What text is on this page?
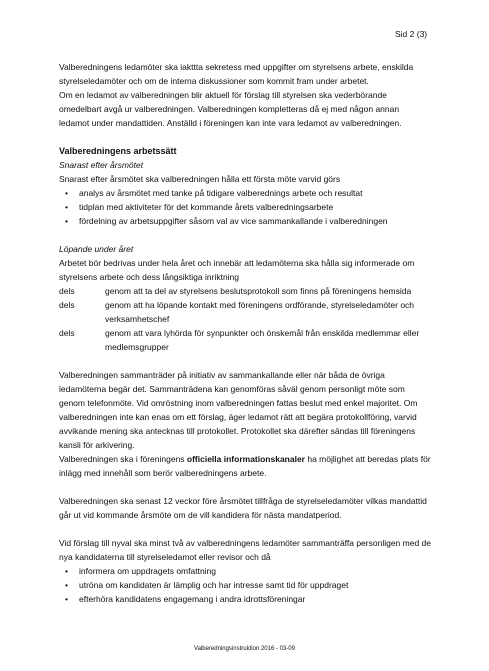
Sid 2 (3)

Valberedningens ledamöter ska iakttta sekretess med uppgifter om styrelsens arbete, enskilda styrelseledamöter och om de interna diskussioner som kommit fram under arbetet.

Om en ledamot av valberedningen blir aktuell för förslag till styrelsen ska vederbörande omedelbart avgå ur valberedningen. Valberedningen kompletteras då ej med någon annan ledamot under mandattiden. Anställd i föreningen kan inte vara ledamot av valberedningen.

Valberedningens arbetssätt

Snarast efter årsmötet

Snarast efter årsmötet ska valberedningen hålla ett första möte varvid görs

• analys av årsmötet med tanke på tidigare valberednings arbete och resultat
• tidplan med aktiviteter för det kommande årets valberedningsarbete
• fördelning av arbetsuppgifter såsom val av vice sammankallande i valberedningen

Löpande under året

Arbetet bör bedrivas under hela året och innebär att ledamöterna ska hålla sig informerade om styrelsens arbete och dess långsiktiga inriktning

dels	genom att ta del av styrelsens beslutsprotokoll som finns på föreningens hemsida
dels	genom att ha löpande kontakt med föreningens ordförande, styrelseledamöter och verksamhetschef
dels	genom att vara lyhörda för synpunkter och önskemål från enskilda medlemmar eller medlemsgrupper

Valberedningen sammanträder på initiativ av sammankallande eller när båda de övriga ledamöterna begär det. Sammanträdena kan genomföras såväl genom personligt möte som genom telefonmöte. Vid omröstning inom valberedningen fattas beslut med enkel majoritet. Om valberedningen inte kan enas om ett förslag, äger ledamot rätt att begära protokollföring, varvid avvikande mening ska antecknas till protokollet. Protokollet ska därefter sändas till föreningens kansli för arkivering.

Valberedningen ska i föreningens officiella informationskanaler ha möjlighet att beredas plats för inlägg med innehåll som berör valberedningens arbete.

Valberedningen ska senast 12 veckor före årsmötet tillfråga de styrelseledamöter vilkas mandattid går ut vid kommande årsmöte om de vill kandidera för nästa mandatperiod.

Vid förslag till nyval ska minst två av valberedningens ledamöter sammanträffa personligen med de nya kandidaterna till styrelseledamot eller revisor och då

• informera om uppdragets omfattning
• utröna om kandidaten är lämplig och har intresse samt tid för uppdraget
• efterhöra kandidatens engagemang i andra idrottsföreningar
Valberedningsinstruktion 2016 - 03-09
